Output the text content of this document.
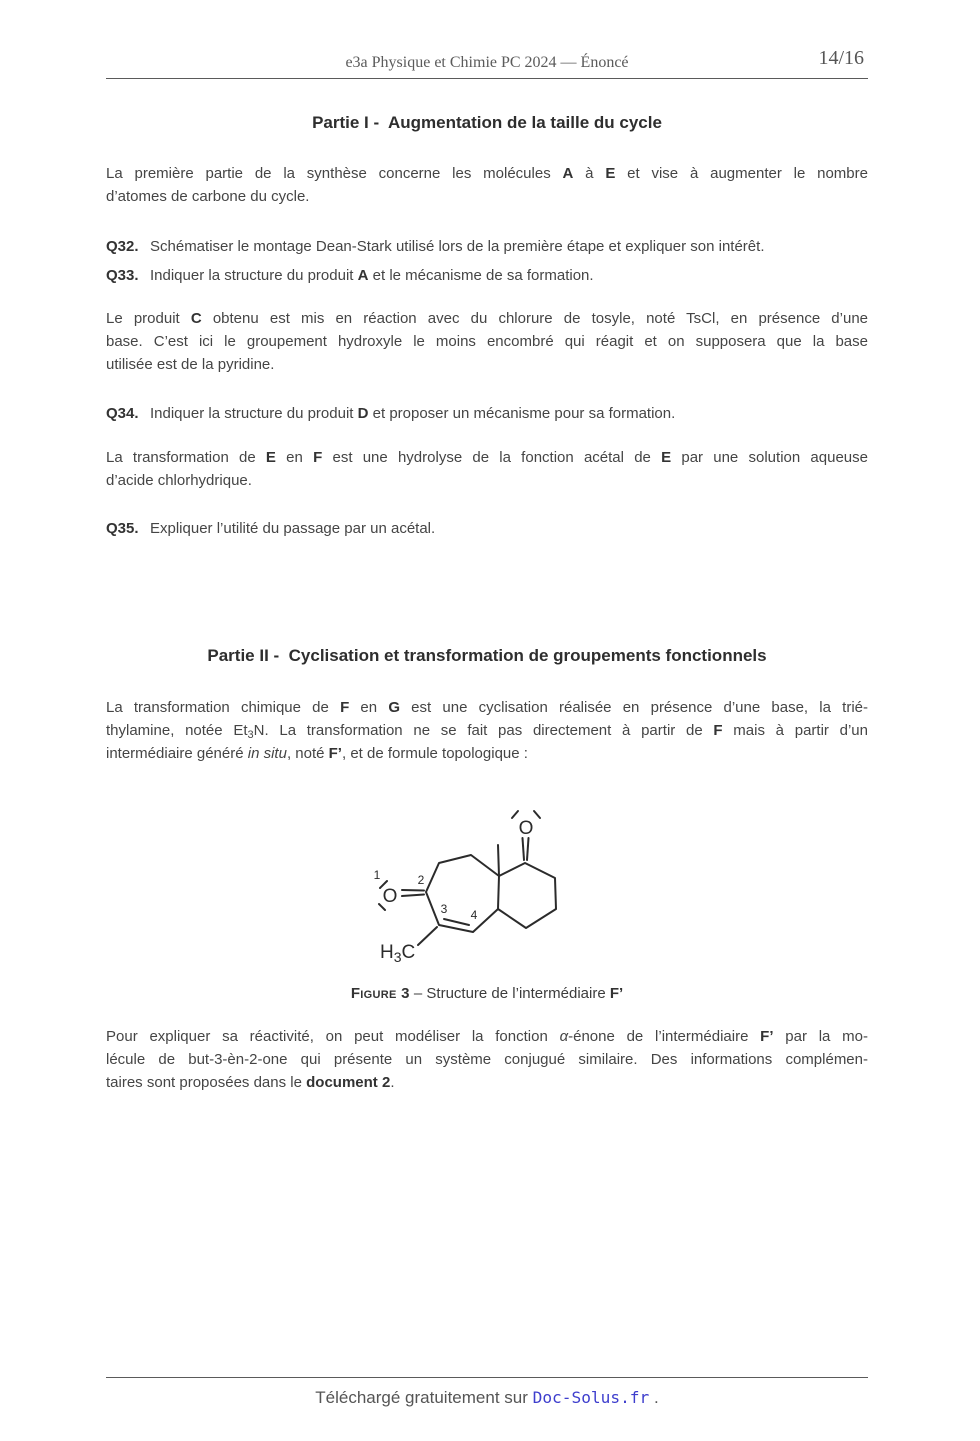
e3a Physique et Chimie PC 2024 — Énoncé	14/16
Partie I -  Augmentation de la taille du cycle
La première partie de la synthèse concerne les molécules A à E et vise à augmenter le nombre
d’atomes de carbone du cycle.
Q32. Schématiser le montage Dean-Stark utilisé lors de la première étape et expliquer son intérêt.
Q33. Indiquer la structure du produit A et le mécanisme de sa formation.
Le produit C obtenu est mis en réaction avec du chlorure de tosyle, noté TsCl, en présence d’une
base. C’est ici le groupement hydroxyle le moins encombré qui réagit et on supposera que la base
utilisée est de la pyridine.
Q34. Indiquer la structure du produit D et proposer un mécanisme pour sa formation.
La transformation de E en F est une hydrolyse de la fonction acétal de E par une solution aqueuse
d’acide chlorhydrique.
Q35. Expliquer l’utilité du passage par un acétal.
Partie II -  Cyclisation et transformation de groupements fonctionnels
La transformation chimique de F en G est une cyclisation réalisée en présence d’une base, la trié-
thylamine, notée $Et_3N$. La transformation ne se fait pas directement à partir de F mais à partir d’un
intermédiaire généré in situ, noté F’, et de formule topologique :
O
O
$H_3C$
1	2
3 4
Figure 3 – Structure de l’intermédiaire F’
Pour expliquer sa réactivité, on peut modéliser la fonction α-énone de l’intermédiaire F’ par la mo-
lécule de but-3-èn-2-one qui présente un système conjugué similaire. Des informations complémen-
taires sont proposées dans le document 2.
Téléchargé gratuitement sur Doc-Solus.fr .
